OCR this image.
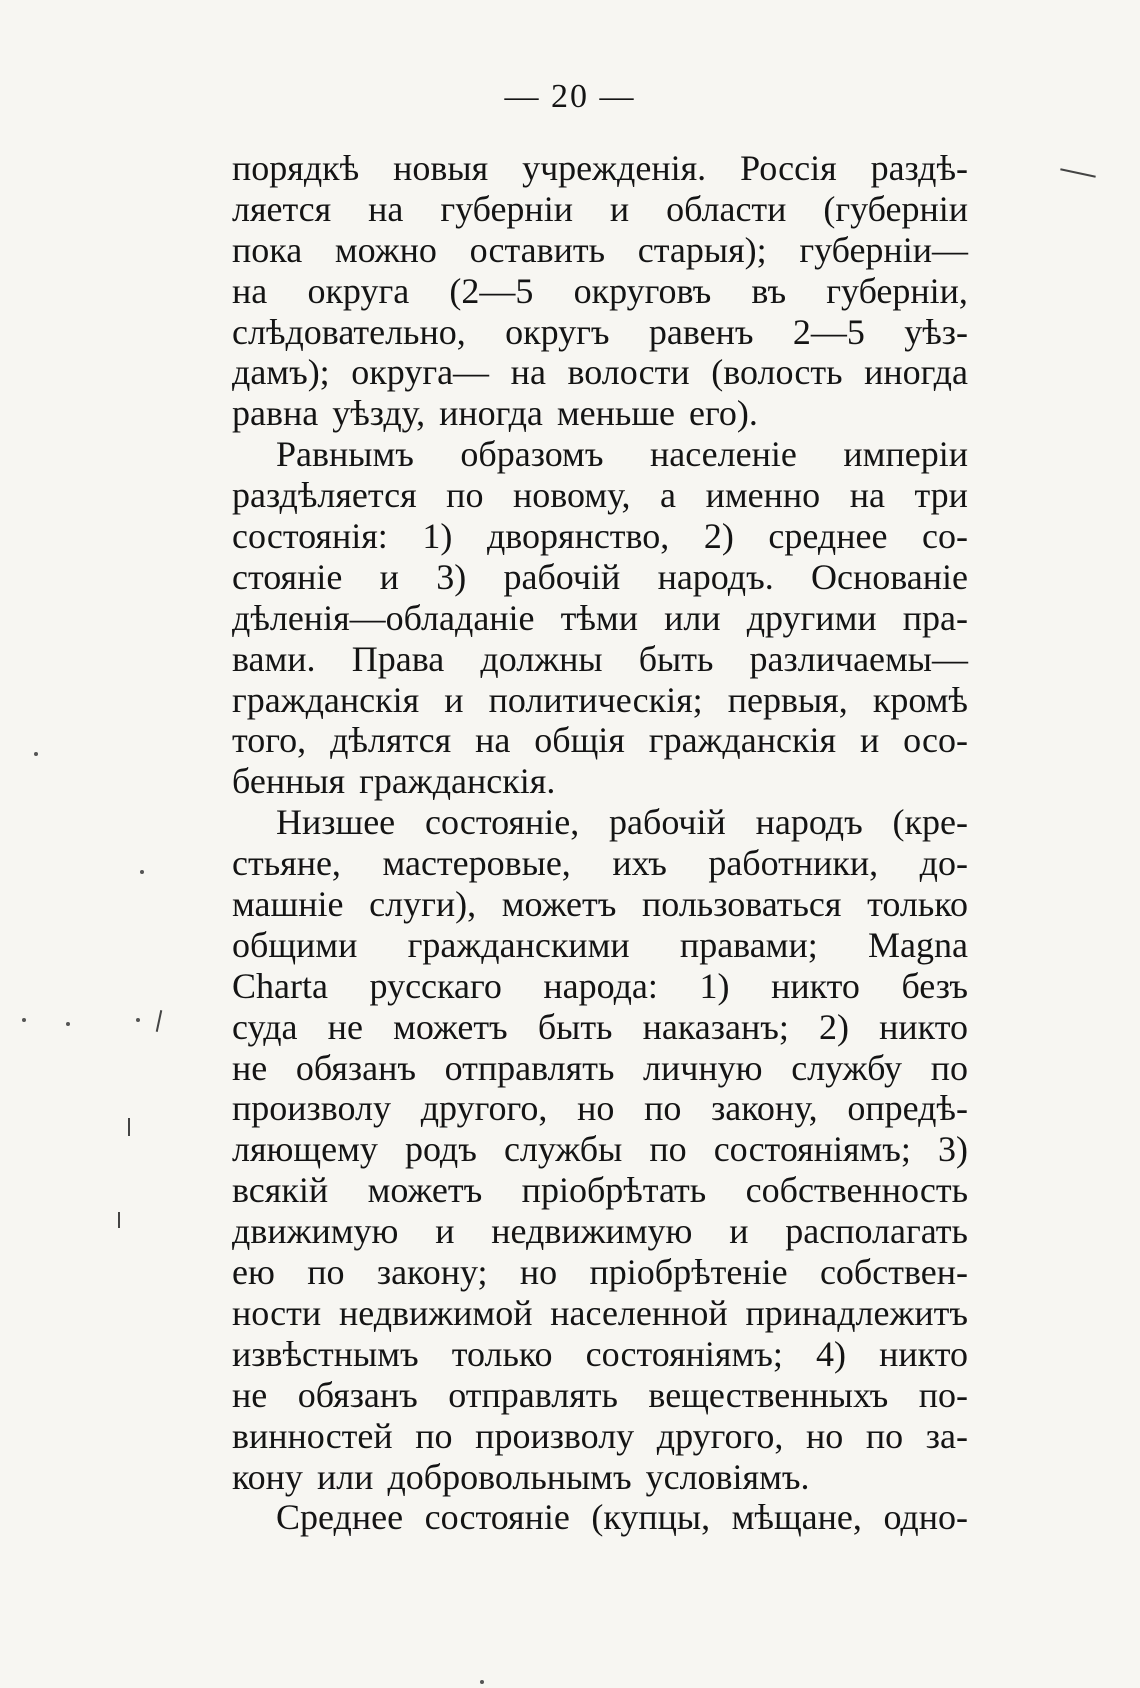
— 20 —
порядкѣ новыя учрежденія. Россія раздѣ-
ляется на губерніи и области (губерніи
пока можно оставить старыя); губерніи—
на округа (2—5 округовъ въ губерніи,
слѣдовательно, округъ равенъ 2—5 уѣз-
дамъ); округа— на волости (волость иногда
равна уѣзду, иногда меньше его).
Равнымъ образомъ населеніе имперіи
раздѣляется по новому, а именно на три
состоянія: 1) дворянство, 2) среднее со-
стояніе и 3) рабочій народъ. Основаніе
дѣленія—обладаніе тѣми или другими пра-
вами. Права должны быть различаемы—
гражданскія и политическія; первыя, кромѣ
того, дѣлятся на общія гражданскія и осо-
бенныя гражданскія.
Низшее состояніе, рабочій народъ (кре-
стьяне, мастеровые, ихъ работники, до-
машніе слуги), можетъ пользоваться только
общими гражданскими правами; Magna
Charta русскаго народа: 1) никто безъ
суда не можетъ быть наказанъ; 2) никто
не обязанъ отправлять личную службу по
произволу другого, но по закону, опредѣ-
ляющему родъ службы по состояніямъ; 3)
всякій можетъ пріобрѣтать собственность
движимую и недвижимую и располагать
ею по закону; но пріобрѣтеніе собствен-
ности недвижимой населенной принадлежитъ
извѣстнымъ только состояніямъ; 4) никто
не обязанъ отправлять вещественныхъ по-
винностей по произволу другого, но по за-
кону или добровольнымъ условіямъ.
Среднее состояніе (купцы, мѣщане, одно-
